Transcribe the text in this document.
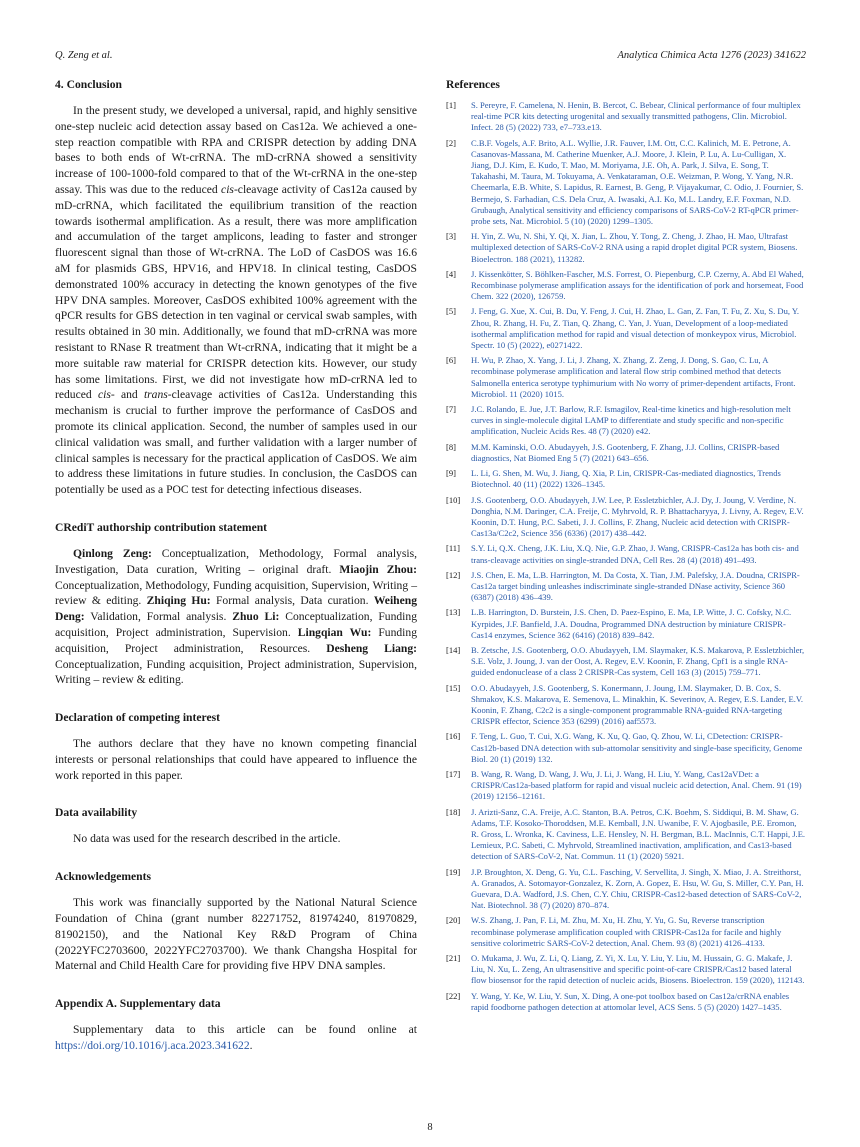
Q. Zeng et al.	Analytica Chimica Acta 1276 (2023) 341622
4. Conclusion

In the present study, we developed a universal, rapid, and highly sensitive one-step nucleic acid detection assay based on Cas12a. We achieved a one-step reaction compatible with RPA and CRISPR detection by adding DNA bases to both ends of Wt-crRNA. The mD-crRNA showed a sensitivity increase of 100-1000-fold compared to that of the Wt-crRNA in the one-step assay. This was due to the reduced cis-cleavage activity of Cas12a caused by mD-crRNA, which facilitated the equilibrium transition of the reaction towards isothermal amplification. As a result, there was more amplification and accumulation of the target amplicons, leading to faster and stronger fluorescent signal than those of Wt-crRNA. The LoD of CasDOS was 16.6 aM for plasmids GBS, HPV16, and HPV18. In clinical testing, CasDOS demonstrated 100% accuracy in detecting the known genotypes of the five HPV DNA samples. Moreover, CasDOS exhibited 100% agreement with the qPCR results for GBS detection in ten vaginal or cervical swab samples, with results obtained in 30 min. Additionally, we found that mD-crRNA was more resistant to RNase R treatment than Wt-crRNA, indicating that it might be a more suitable raw material for CRISPR detection kits. However, our study has some limitations. First, we did not investigate how mD-crRNA led to reduced cis- and trans-cleavage activities of Cas12a. Understanding this mechanism is crucial to further improve the performance of CasDOS and promote its clinical application. Second, the number of samples used in our clinical validation was small, and further validation with a larger number of clinical samples is necessary for the practical application of CasDOS. We aim to address these limitations in future studies. In conclusion, the CasDOS can potentially be used as a POC test for detecting infectious diseases.

CRediT authorship contribution statement

Qinlong Zeng: Conceptualization, Methodology, Formal analysis, Investigation, Data curation, Writing – original draft. Miaojin Zhou: Conceptualization, Methodology, Funding acquisition, Supervision, Writing – review & editing. Zhiqing Hu: Formal analysis, Data curation. Weiheng Deng: Validation, Formal analysis. Zhuo Li: Conceptualization, Funding acquisition, Project administration, Supervision. Lingqian Wu: Funding acquisition, Project administration, Resources. Desheng Liang: Conceptualization, Funding acquisition, Project administration, Supervision, Writing – review & editing.

Declaration of competing interest

The authors declare that they have no known competing financial interests or personal relationships that could have appeared to influence the work reported in this paper.

Data availability

No data was used for the research described in the article.

Acknowledgements

This work was financially supported by the National Natural Science Foundation of China (grant number 82271752, 81974240, 81970829, 81902150), and the National Key R&D Program of China (2022YFC2703600, 2022YFC2703700). We thank Changsha Hospital for Maternal and Child Health Care for providing five HPV DNA samples.

Appendix A. Supplementary data

Supplementary data to this article can be found online at https://doi.org/10.1016/j.aca.2023.341622.

References
[1] S. Pereyre, F. Camelena, N. Henin, B. Bercot, C. Bebear, Clinical performance of four multiplex real-time PCR kits detecting urogenital and sexually transmitted pathogens, Clin. Microbiol. Infect. 28 (5) (2022) 733, e7–733.e13.
[2] C.B.F. Vogels, A.F. Brito, A.L. Wyllie, J.R. Fauver, I.M. Ott, C.C. Kalinich, M. E. Petrone, A. Casanovas-Massana, M. Catherine Muenker, A.J. Moore, J. Klein, P. Lu, A. Lu-Culligan, X. Jiang, D.J. Kim, E. Kudo, T. Mao, M. Moriyama, J.E. Oh, A. Park, J. Silva, E. Song, T. Takahashi, M. Taura, M. Tokuyama, A. Venkataraman, O.E. Weizman, P. Wong, Y. Yang, N.R. Cheemarla, E.B. White, S. Lapidus, R. Earnest, B. Geng, P. Vijayakumar, C. Odio, J. Fournier, S. Bermejo, S. Farhadian, C.S. Dela Cruz, A. Iwasaki, A.I. Ko, M.L. Landry, E.F. Foxman, N.D. Grubaugh, Analytical sensitivity and efficiency comparisons of SARS-CoV-2 RT-qPCR primer-probe sets, Nat. Microbiol. 5 (10) (2020) 1299–1305.
[3] H. Yin, Z. Wu, N. Shi, Y. Qi, X. Jian, L. Zhou, Y. Tong, Z. Cheng, J. Zhao, H. Mao, Ultrafast multiplexed detection of SARS-CoV-2 RNA using a rapid droplet digital PCR system, Biosens. Bioelectron. 188 (2021), 113282.
[4] J. Kissenkötter, S. Böhlken-Fascher, M.S. Forrest, O. Piepenburg, C.P. Czerny, A. Abd El Wahed, Recombinase polymerase amplification assays for the identification of pork and horsemeat, Food Chem. 322 (2020), 126759.
[5] J. Feng, G. Xue, X. Cui, B. Du, Y. Feng, J. Cui, H. Zhao, L. Gan, Z. Fan, T. Fu, Z. Xu, S. Du, Y. Zhou, R. Zhang, H. Fu, Z. Tian, Q. Zhang, C. Yan, J. Yuan, Development of a loop-mediated isothermal amplification method for rapid and visual detection of monkeypox virus, Microbiol. Spectr. 10 (5) (2022), e0271422.
[6] H. Wu, P. Zhao, X. Yang, J. Li, J. Zhang, X. Zhang, Z. Zeng, J. Dong, S. Gao, C. Lu, A recombinase polymerase amplification and lateral flow strip combined method that detects Salmonella enterica serotype typhimurium with No worry of primer-dependent artifacts, Front. Microbiol. 11 (2020) 1015.
[7] J.C. Rolando, E. Jue, J.T. Barlow, R.F. Ismagilov, Real-time kinetics and high-resolution melt curves in single-molecule digital LAMP to differentiate and study specific and non-specific amplification, Nucleic Acids Res. 48 (7) (2020) e42.
[8] M.M. Kaminski, O.O. Abudayyeh, J.S. Gootenberg, F. Zhang, J.J. Collins, CRISPR-based diagnostics, Nat Biomed Eng 5 (7) (2021) 643–656.
[9] L. Li, G. Shen, M. Wu, J. Jiang, Q. Xia, P. Lin, CRISPR-Cas-mediated diagnostics, Trends Biotechnol. 40 (11) (2022) 1326–1345.
[10] J.S. Gootenberg, O.O. Abudayyeh, J.W. Lee, P. Essletzbichler, A.J. Dy, J. Joung, V. Verdine, N. Donghia, N.M. Daringer, C.A. Freije, C. Myhrvold, R. P. Bhattacharyya, J. Livny, A. Regev, E.V. Koonin, D.T. Hung, P.C. Sabeti, J. J. Collins, F. Zhang, Nucleic acid detection with CRISPR-Cas13a/C2c2, Science 356 (6336) (2017) 438–442.
[11] S.Y. Li, Q.X. Cheng, J.K. Liu, X.Q. Nie, G.P. Zhao, J. Wang, CRISPR-Cas12a has both cis- and trans-cleavage activities on single-stranded DNA, Cell Res. 28 (4) (2018) 491–493.
[12] J.S. Chen, E. Ma, L.B. Harrington, M. Da Costa, X. Tian, J.M. Palefsky, J.A. Doudna, CRISPR-Cas12a target binding unleashes indiscriminate single-stranded DNase activity, Science 360 (6387) (2018) 436–439.
[13] L.B. Harrington, D. Burstein, J.S. Chen, D. Paez-Espino, E. Ma, I.P. Witte, J. C. Cofsky, N.C. Kyrpides, J.F. Banfield, J.A. Doudna, Programmed DNA destruction by miniature CRISPR-Cas14 enzymes, Science 362 (6416) (2018) 839–842.
[14] B. Zetsche, J.S. Gootenberg, O.O. Abudayyeh, I.M. Slaymaker, K.S. Makarova, P. Essletzbichler, S.E. Volz, J. Joung, J. van der Oost, A. Regev, E.V. Koonin, F. Zhang, Cpf1 is a single RNA-guided endonuclease of a class 2 CRISPR-Cas system, Cell 163 (3) (2015) 759–771.
[15] O.O. Abudayyeh, J.S. Gootenberg, S. Konermann, J. Joung, I.M. Slaymaker, D. B. Cox, S. Shmakov, K.S. Makarova, E. Semenova, L. Minakhin, K. Severinov, A. Regev, E.S. Lander, E.V. Koonin, F. Zhang, C2c2 is a single-component programmable RNA-guided RNA-targeting CRISPR effector, Science 353 (6299) (2016) aaf5573.
[16] F. Teng, L. Guo, T. Cui, X.G. Wang, K. Xu, Q. Gao, Q. Zhou, W. Li, CDetection: CRISPR-Cas12b-based DNA detection with sub-attomolar sensitivity and single-base specificity, Genome Biol. 20 (1) (2019) 132.
[17] B. Wang, R. Wang, D. Wang, J. Wu, J. Li, J. Wang, H. Liu, Y. Wang, Cas12aVDet: a CRISPR/Cas12a-based platform for rapid and visual nucleic acid detection, Anal. Chem. 91 (19) (2019) 12156–12161.
[18] J. Arizti-Sanz, C.A. Freije, A.C. Stanton, B.A. Petros, C.K. Boehm, S. Siddiqui, B. M. Shaw, G. Adams, T.F. Kosoko-Thoroddsen, M.E. Kemball, J.N. Uwanibe, F. V. Ajogbasile, P.E. Eromon, R. Gross, L. Wronka, K. Caviness, L.E. Hensley, N. H. Bergman, B.L. MacInnis, C.T. Happi, J.E. Lemieux, P.C. Sabeti, C. Myhrvold, Streamlined inactivation, amplification, and Cas13-based detection of SARS-CoV-2, Nat. Commun. 11 (1) (2020) 5921.
[19] J.P. Broughton, X. Deng, G. Yu, C.L. Fasching, V. Servellita, J. Singh, X. Miao, J. A. Streithorst, A. Granados, A. Sotomayor-Gonzalez, K. Zorn, A. Gopez, E. Hsu, W. Gu, S. Miller, C.Y. Pan, H. Guevara, D.A. Wadford, J.S. Chen, C.Y. Chiu, CRISPR-Cas12-based detection of SARS-CoV-2, Nat. Biotechnol. 38 (7) (2020) 870–874.
[20] W.S. Zhang, J. Pan, F. Li, M. Zhu, M. Xu, H. Zhu, Y. Yu, G. Su, Reverse transcription recombinase polymerase amplification coupled with CRISPR-Cas12a for facile and highly sensitive colorimetric SARS-CoV-2 detection, Anal. Chem. 93 (8) (2021) 4126–4133.
[21] O. Mukama, J. Wu, Z. Li, Q. Liang, Z. Yi, X. Lu, Y. Liu, Y. Liu, M. Hussain, G. G. Makafe, J. Liu, N. Xu, L. Zeng, An ultrasensitive and specific point-of-care CRISPR/Cas12 based lateral flow biosensor for the rapid detection of nucleic acids, Biosens. Bioelectron. 159 (2020), 112143.
[22] Y. Wang, Y. Ke, W. Liu, Y. Sun, X. Ding, A one-pot toolbox based on Cas12a/crRNA enables rapid foodborne pathogen detection at attomolar level, ACS Sens. 5 (5) (2020) 1427–1435.
8
